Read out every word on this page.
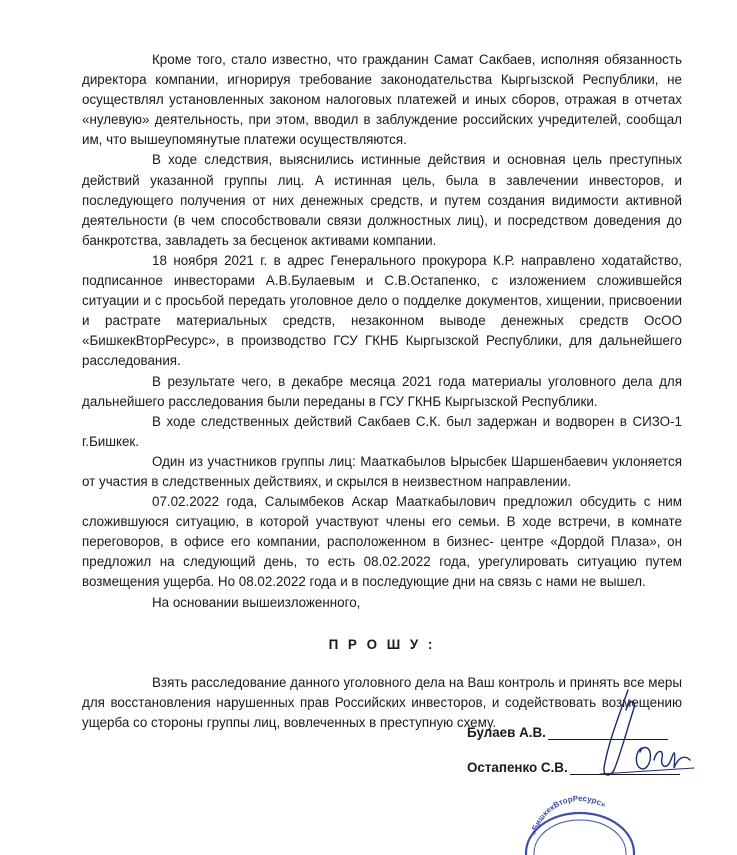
Кроме того, стало известно, что гражданин Самат Сакбаев, исполняя обязанность директора компании, игнорируя требование законодательства Кыргызской Республики, не осуществлял установленных законом налоговых платежей и иных сборов, отражая в отчетах «нулевую» деятельность, при этом, вводил в заблуждение российских учредителей, сообщал им, что вышеупомянутые платежи осуществляются.

В ходе следствия, выяснились истинные действия и основная цель преступных действий указанной группы лиц. А истинная цель, была в завлечении инвесторов, и последующего получения от них денежных средств, и путем создания видимости активной деятельности (в чем способствовали связи должностных лиц), и посредством доведения до банкротства, завладеть за бесценок активами компании.

18 ноября 2021 г. в адрес Генерального прокурора К.Р. направлено ходатайство, подписанное инвесторами А.В.Булаевым и С.В.Остапенко, с изложением сложившейся ситуации и с просьбой передать уголовное дело о подделке документов, хищении, присвоении и растрате материальных средств, незаконном выводе денежных средств ОсОО «БишкекВторРесурс», в производство ГСУ ГКНБ Кыргызской Республики, для дальнейшего расследования.

В результате чего, в декабре месяца 2021 года материалы уголовного дела для дальнейшего расследования были переданы в ГСУ ГКНБ Кыргызской Республики.

В ходе следственных действий Сакбаев С.К. был задержан и водворен в СИЗО-1 г.Бишкек.

Один из участников группы лиц: Мааткабылов Ырысбек Шаршенбаевич уклоняется от участия в следственных действиях, и скрылся в неизвестном направлении.

07.02.2022 года, Салымбеков Аскар Мааткабылович предложил обсудить с ним сложившуюся ситуацию, в которой участвуют члены его семьи. В ходе встречи, в комнате переговоров, в офисе его компании, расположенном в бизнес- центре «Дордой Плаза», он предложил на следующий день, то есть 08.02.2022 года, урегулировать ситуацию путем возмещения ущерба. Но 08.02.2022 года и в последующие дни на связь с нами не вышел.

На основании вышеизложенного,

П Р О Ш У :

Взять расследование данного уголовного дела на Ваш контроль и принять все меры для восстановления нарушенных прав Российских инвесторов, и содействовать возмещению ущерба со стороны группы лиц, вовлеченных в преступную схему.

Булаев А.В.
Остапенко С.В.
«БишкекВторРесурс»
